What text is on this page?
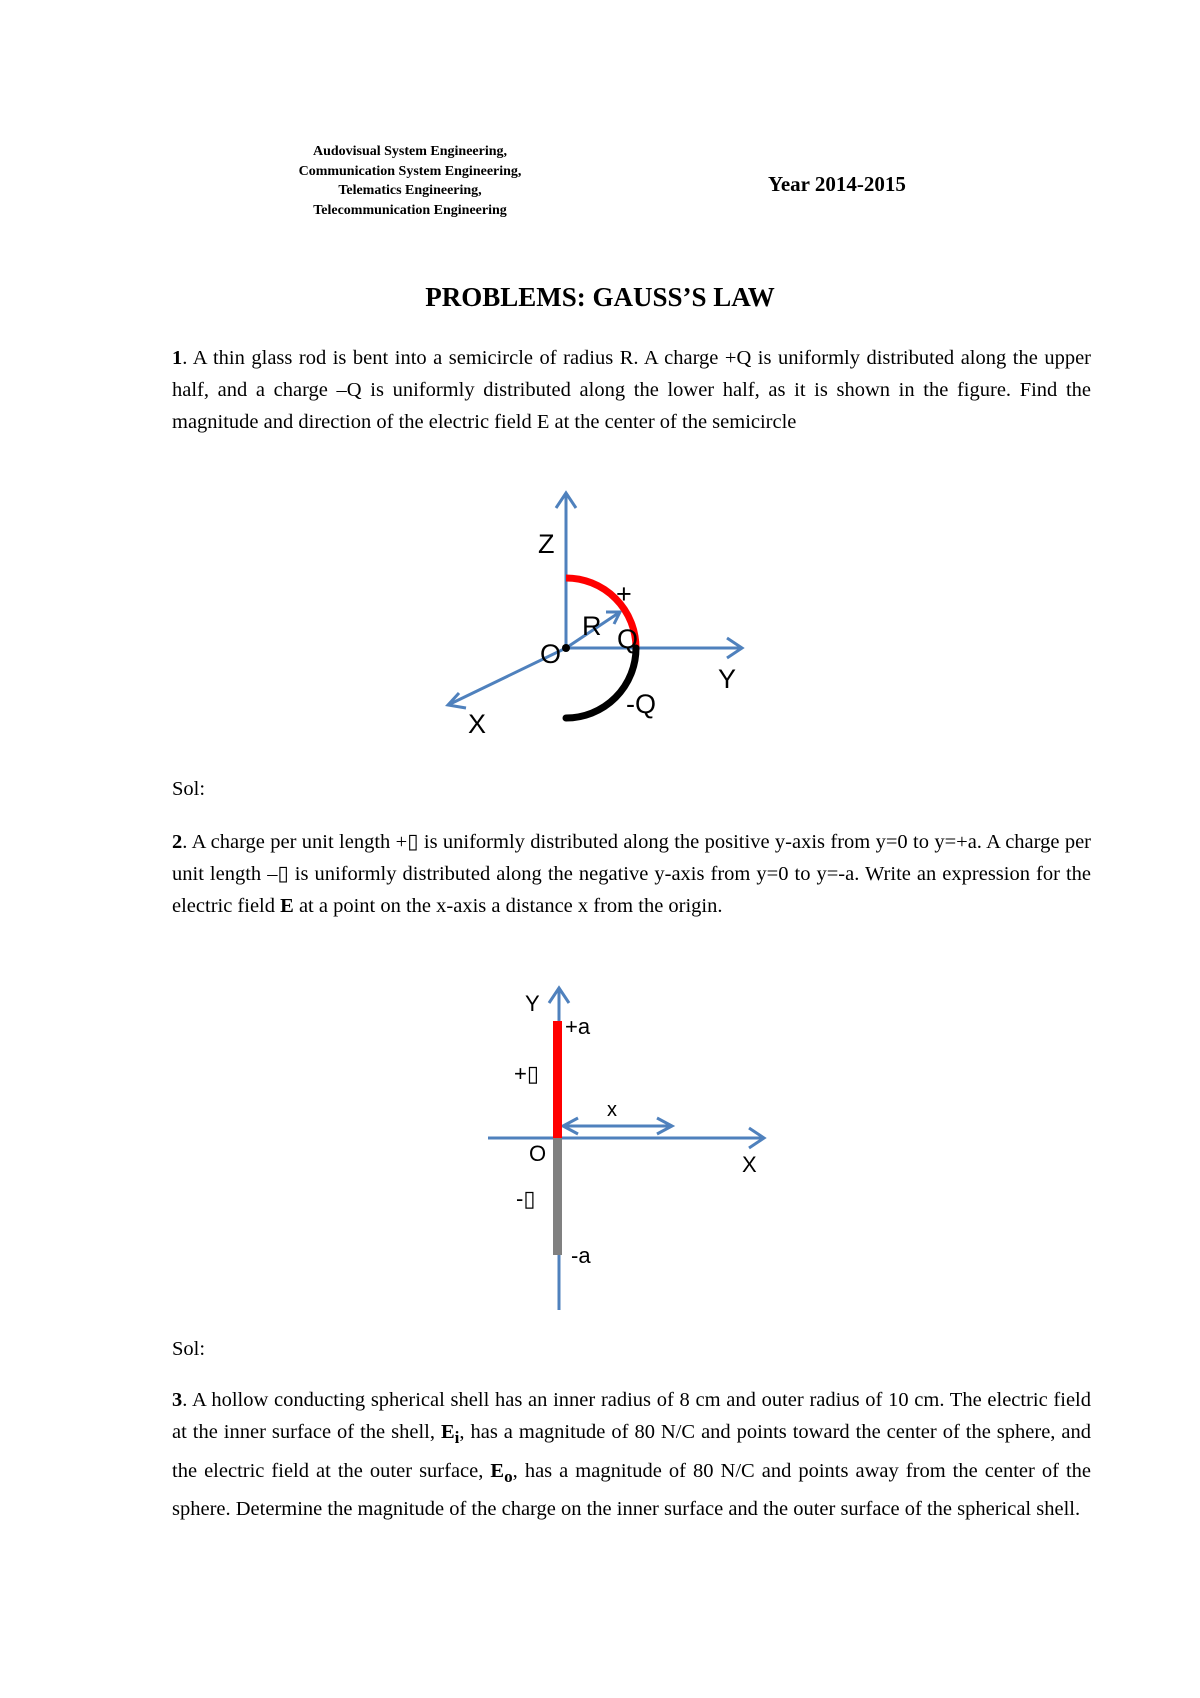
Audovisual System Engineering,
Communication System Engineering,
Telematics Engineering,
Telecommunication Engineering
Year 2014-2015
PROBLEMS: GAUSS’S LAW
1. A thin glass rod is bent into a semicircle of radius R. A charge +Q is uniformly distributed along the upper half, and a charge –Q is uniformly distributed along the lower half, as it is shown in the figure. Find the magnitude and direction of the electric field E at the center of the semicircle
Z
Y
X
O
R
+
Q
-Q
Sol:
2. A charge per unit length +▯ is uniformly distributed along the positive y-axis from y=0 to y=+a. A charge per unit length –▯ is uniformly distributed along the negative y-axis from y=0 to y=-a. Write an expression for the electric field E at a point on the x-axis a distance x from the origin.
Y
X
O
+a
-a
+▯
-▯
x
Sol:
3. A hollow conducting spherical shell has an inner radius of 8 cm and outer radius of 10 cm. The electric field at the inner surface of the shell, $E_i$, has a magnitude of 80 N/C and points toward the center of the sphere, and the electric field at the outer surface, $E_o$, has a magnitude of 80 N/C and points away from the center of the sphere. Determine the magnitude of the charge on the inner surface and the outer surface of the spherical shell.
